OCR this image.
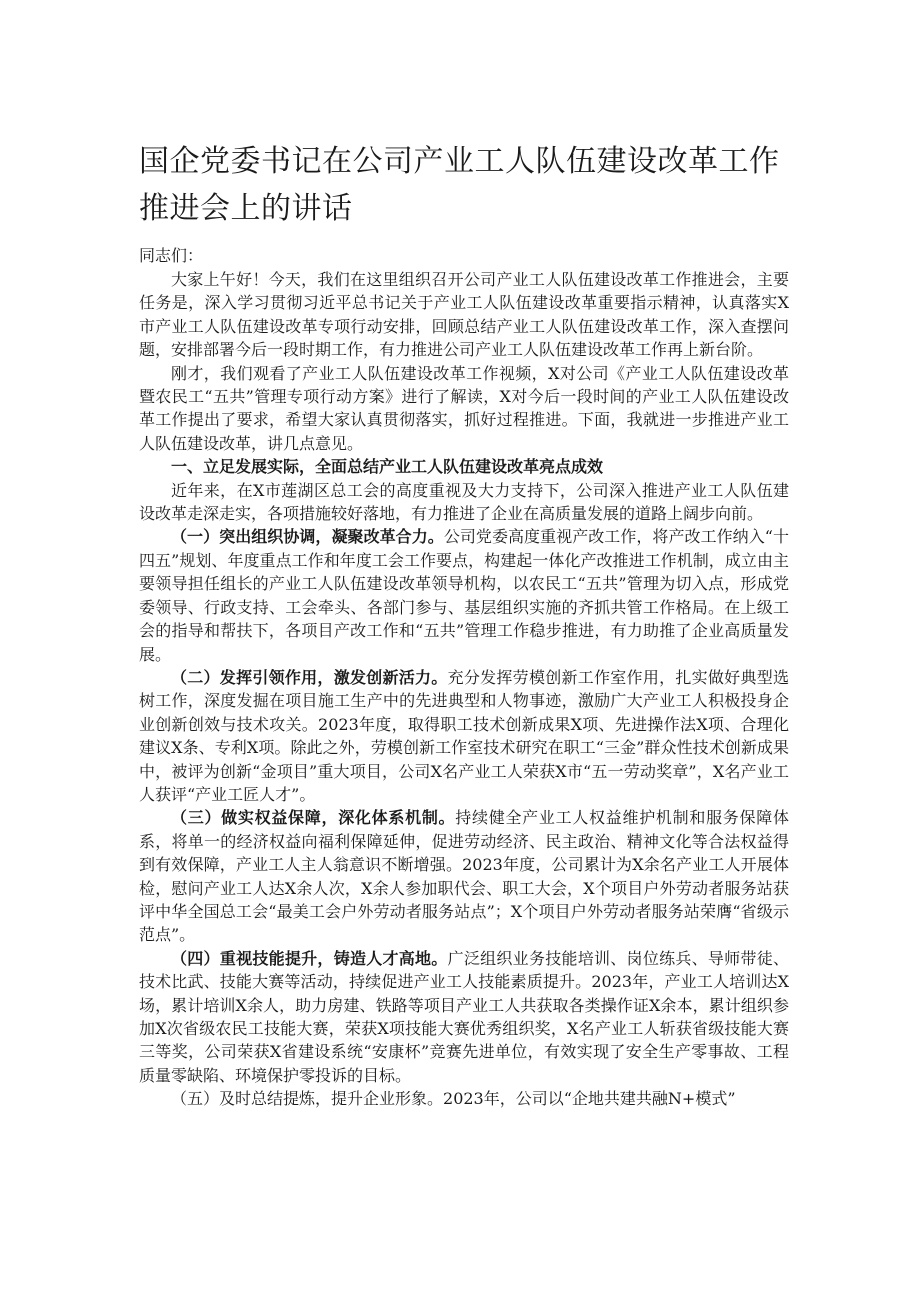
国企党委书记在公司产业工人队伍建设改革工作推进会上的讲话

同志们：

大家上午好！今天，我们在这里组织召开公司产业工人队伍建设改革工作推进会，主要任务是，深入学习贯彻习近平总书记关于产业工人队伍建设改革重要指示精神，认真落实X市产业工人队伍建设改革专项行动安排，回顾总结产业工人队伍建设改革工作，深入查摆问题，安排部署今后一段时期工作，有力推进公司产业工人队伍建设改革工作再上新台阶。

刚才，我们观看了产业工人队伍建设改革工作视频，X对公司《产业工人队伍建设改革暨农民工“五共”管理专项行动方案》进行了解读，X对今后一段时间的产业工人队伍建设改革工作提出了要求，希望大家认真贯彻落实，抓好过程推进。下面，我就进一步推进产业工人队伍建设改革，讲几点意见。

一、立足发展实际，全面总结产业工人队伍建设改革亮点成效

近年来，在X市莲湖区总工会的高度重视及大力支持下，公司深入推进产业工人队伍建设改革走深走实，各项措施较好落地，有力推进了企业在高质量发展的道路上阔步向前。

（一）突出组织协调，凝聚改革合力。公司党委高度重视产改工作，将产改工作纳入“十四五”规划、年度重点工作和年度工会工作要点，构建起一体化产改推进工作机制，成立由主要领导担任组长的产业工人队伍建设改革领导机构，以农民工“五共”管理为切入点，形成党委领导、行政支持、工会牵头、各部门参与、基层组织实施的齐抓共管工作格局。在上级工会的指导和帮扶下，各项目产改工作和“五共”管理工作稳步推进，有力助推了企业高质量发展。

（二）发挥引领作用，激发创新活力。充分发挥劳模创新工作室作用，扎实做好典型选树工作，深度发掘在项目施工生产中的先进典型和人物事迹，激励广大产业工人积极投身企业创新创效与技术攻关。2023年度，取得职工技术创新成果X项、先进操作法X项、合理化建议X条、专利X项。除此之外，劳模创新工作室技术研究在职工“三金”群众性技术创新成果中，被评为创新“金项目”重大项目，公司X名产业工人荣获X市“五一劳动奖章”，X名产业工人获评“产业工匠人才”。

（三）做实权益保障，深化体系机制。持续健全产业工人权益维护机制和服务保障体系，将单一的经济权益向福利保障延伸，促进劳动经济、民主政治、精神文化等合法权益得到有效保障，产业工人主人翁意识不断增强。2023年度，公司累计为X余名产业工人开展体检，慰问产业工人达X余人次，X余人参加职代会、职工大会，X个项目户外劳动者服务站获评中华全国总工会“最美工会户外劳动者服务站点”；X个项目户外劳动者服务站荣膺“省级示范点”。

（四）重视技能提升，铸造人才高地。广泛组织业务技能培训、岗位练兵、导师带徒、技术比武、技能大赛等活动，持续促进产业工人技能素质提升。2023年，产业工人培训达X场，累计培训X余人，助力房建、铁路等项目产业工人共获取各类操作证X余本，累计组织参加X次省级农民工技能大赛，荣获X项技能大赛优秀组织奖，X名产业工人斩获省级技能大赛三等奖，公司荣获X省建设系统“安康杯”竞赛先进单位，有效实现了安全生产零事故、工程质量零缺陷、环境保护零投诉的目标。

（五）及时总结提炼，提升企业形象。2023年，公司以“企地共建共融N+模式”
